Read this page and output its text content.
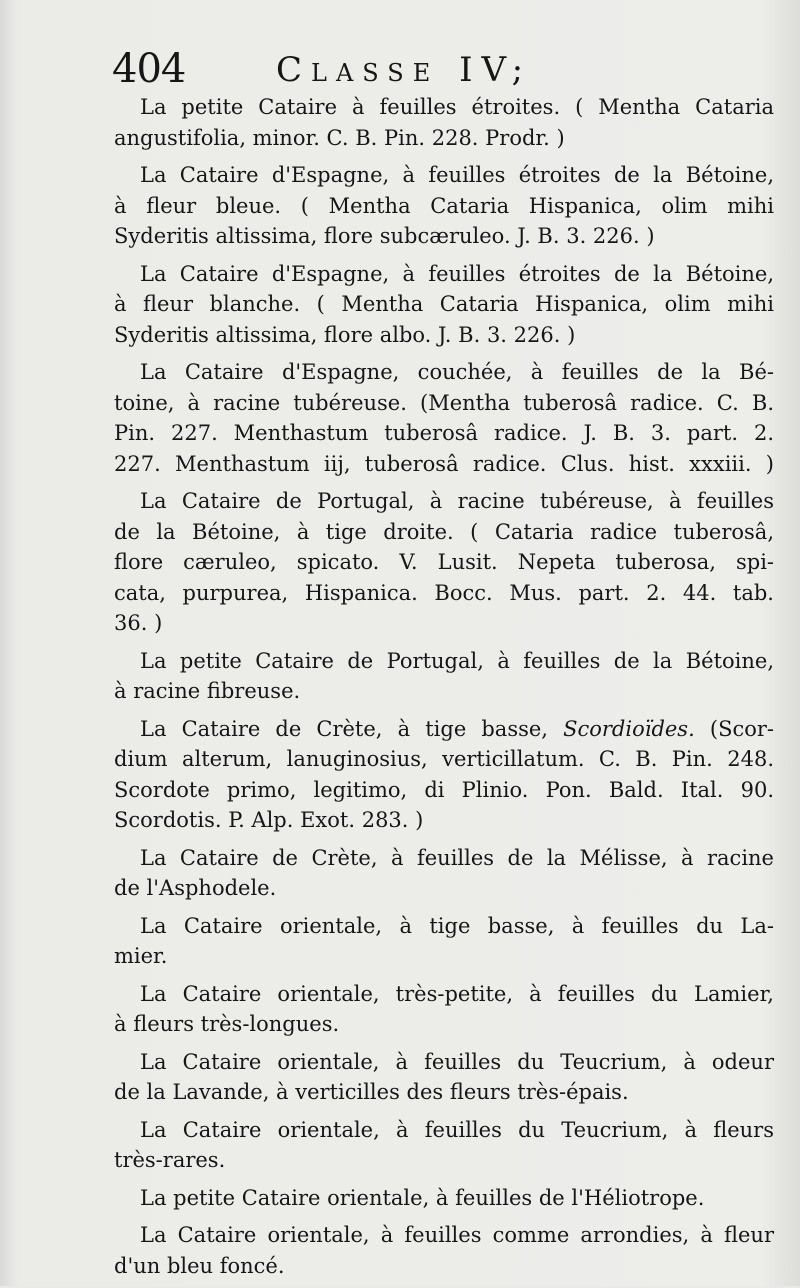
404	Classe IV;
La petite Cataire à feuilles étroites. ( Mentha Cataria
angustifolia, minor. C. B. Pin. 228. Prodr. )
La Cataire d'Espagne, à feuilles étroites de la Bétoine,
à fleur bleue. ( Mentha Cataria Hispanica, olim mihi
Syderitis altissima, flore subcæruleo. J. B. 3. 226. )
La Cataire d'Espagne, à feuilles étroites de la Bétoine,
à fleur blanche. ( Mentha Cataria Hispanica, olim mihi
Syderitis altissima, flore albo. J. B. 3. 226. )
La Cataire d'Espagne, couchée, à feuilles de la Bé-
toine, à racine tubéreuse. (Mentha tuberosâ radice. C. B.
Pin. 227. Menthastum tuberosâ radice. J. B. 3. part. 2.
227. Menthastum iij, tuberosâ radice. Clus. hist. xxxiii. )
La Cataire de Portugal, à racine tubéreuse, à feuilles
de la Bétoine, à tige droite. ( Cataria radice tuberosâ,
flore cæruleo, spicato. V. Lusit. Nepeta tuberosa, spi-
cata, purpurea, Hispanica. Bocc. Mus. part. 2. 44. tab.
36. )
La petite Cataire de Portugal, à feuilles de la Bétoine,
à racine fibreuse.
La Cataire de Crète, à tige basse, Scordioïdes. (Scor-
dium alterum, lanuginosius, verticillatum. C. B. Pin. 248.
Scordote primo, legitimo, di Plinio. Pon. Bald. Ital. 90.
Scordotis. P. Alp. Exot. 283. )
La Cataire de Crète, à feuilles de la Mélisse, à racine
de l'Asphodele.
La Cataire orientale, à tige basse, à feuilles du La-
mier.
La Cataire orientale, très-petite, à feuilles du Lamier,
à fleurs très-longues.
La Cataire orientale, à feuilles du Teucrium, à odeur
de la Lavande, à verticilles des fleurs très-épais.
La Cataire orientale, à feuilles du Teucrium, à fleurs
très-rares.
La petite Cataire orientale, à feuilles de l'Héliotrope.
La Cataire orientale, à feuilles comme arrondies, à fleur
d'un bleu foncé.
